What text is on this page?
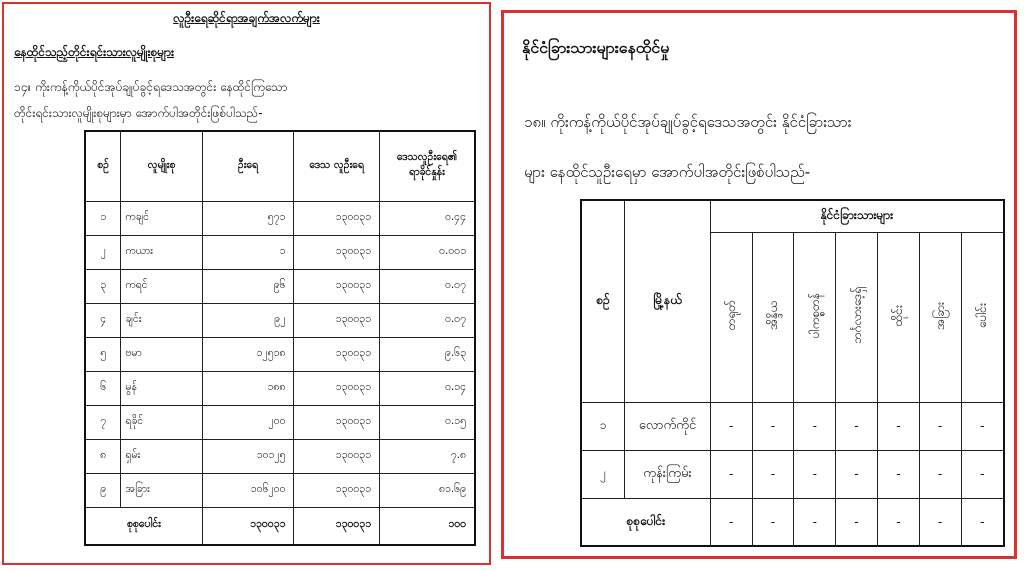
လူဦးရေဆိုင်ရာအချက်အလက်များ
နေထိုင်သည့်တိုင်းရင်းသားလူမျိုးစုများ
၁၄။ ကိုးကန့်ကိုယ်ပိုင်အုပ်ချုပ်ခွင့်ရဒေသအတွင်း နေထိုင်ကြသော
တိုင်းရင်းသားလူမျိုးစုများမှာ အောက်ပါအတိုင်းဖြစ်ပါသည်-
စဉ်	လူမျိုးစု	ဦးရေ	ဒေသ လူဦးရေ	ဒေသလူဦးရေ၏ ရာခိုင်နှုန်း
၁	ကချင်	၅၇၁	၁၃၀၀၃၁	၀.၄၄
၂	ကယား	၁	၁၃၀၀၃၁	၀.၀၀၁
၃	ကရင်	၉၆	၁၃၀၀၃၁	၀.၀၇
၄	ချင်း	၉၂	၁၃၀၀၃၁	၀.၀၇
၅	ဗမာ	၁၂၅၁၈	၁၃၀၀၃၁	၉.၆၃
၆	မွန်	၁၈၈	၁၃၀၀၃၁	၀.၁၄
၇	ရခိုင်	၂၀၀	၁၃၀၀၃၁	၀.၁၅
၈	ရှမ်း	၁၀၁၂၅	၁၃၀၀၃၁	၇.၈
၉	အခြား	၁၀၆၂၀၀	၁၃၀၀၃၁	၈၁.၆၉
စုစုပေါင်း		၁၃၀၀၃၁	၁၃၀၀၃၁	၁၀၀
နိုင်ငံခြားသားများနေထိုင်မှု
၁၈။ ကိုးကန့်ကိုယ်ပိုင်အုပ်ချုပ်ခွင့်ရဒေသအတွင်း နိုင်ငံခြားသား
များ နေထိုင်သူဦးရေမှာ အောက်ပါအတိုင်းဖြစ်ပါသည်-
စဉ်	မြို့နယ်	နိုင်ငံခြားသားများ						
		တရုတ်	အိန္ဒိယ	ပါကစ္စတန်	ဘင်္ဂလားဒေ့ရှ်	ထိုင်း	အခြား	ပေါင်း
၁	လောက်ကိုင်	-	-	-	-	-	-	-
၂	ကုန်းကြမ်း	-	-	-	-	-	-	-
စုစုပေါင်း		-	-	-	-	-	-	-
